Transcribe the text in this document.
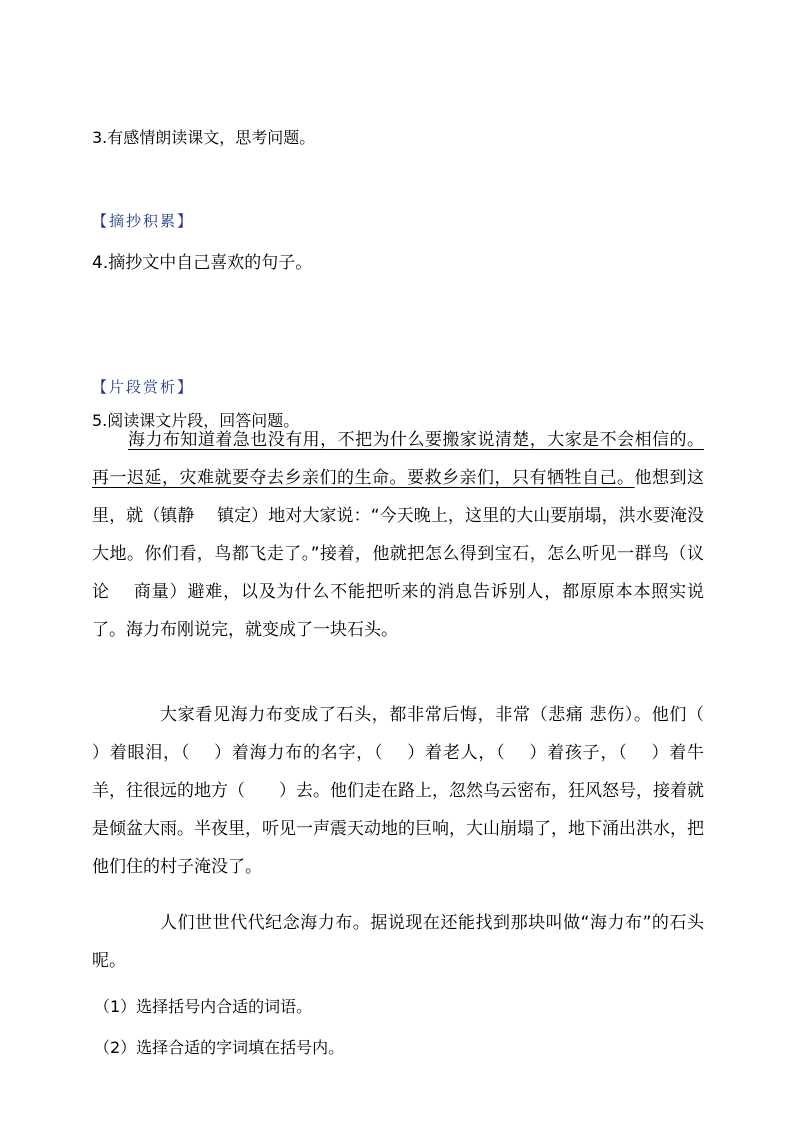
3.有感情朗读课文，思考问题。
【摘抄积累】
4.摘抄文中自己喜欢的句子。
【片段赏析】
5.阅读课文片段，回答问题。
海力布知道着急也没有用，不把为什么要搬家说清楚，大家是不会相信的。再一迟延，灾难就要夺去乡亲们的生命。要救乡亲们，只有牺牲自己。他想到这里，就（镇静　 镇定）地对大家说：“今天晚上，这里的大山要崩塌，洪水要淹没大地。你们看，鸟都飞走了。”接着，他就把怎么得到宝石，怎么听见一群鸟（议论　 商量）避难，以及为什么不能把听来的消息告诉别人，都原原本本照实说了。海力布刚说完，就变成了一块石头。
大家看见海力布变成了石头，都非常后悔，非常（悲痛 悲伤）。他们（　 ）着眼泪，（　 ）着海力布的名字，（　 ）着老人，（　 ）着孩子，（　 ）着牛羊，往很远的地方（　　）去。他们走在路上，忽然乌云密布，狂风怒号，接着就是倾盆大雨。半夜里，听见一声震天动地的巨响，大山崩塌了，地下涌出洪水，把他们住的村子淹没了。
人们世世代代纪念海力布。据说现在还能找到那块叫做“海力布”的石头呢。
（1）选择括号内合适的词语。
（2）选择合适的字词填在括号内。
